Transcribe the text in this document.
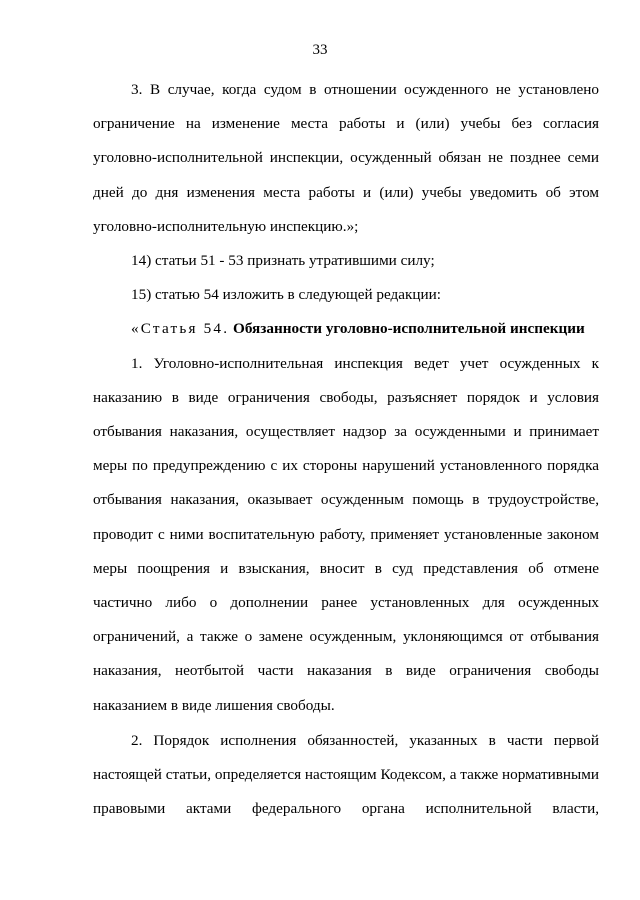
33

3. В случае, когда судом в отношении осужденного не установлено ограничение на изменение места работы и (или) учебы без согласия уголовно-исполнительной инспекции, осужденный обязан не позднее семи дней до дня изменения места работы и (или) учебы уведомить об этом уголовно-исполнительную инспекцию.»;

14) статьи 51 - 53 признать утратившими силу;

15) статью 54 изложить в следующей редакции:

«Статья 54. Обязанности уголовно-исполнительной инспекции

1. Уголовно-исполнительная инспекция ведет учет осужденных к наказанию в виде ограничения свободы, разъясняет порядок и условия отбывания наказания, осуществляет надзор за осужденными и принимает меры по предупреждению с их стороны нарушений установленного порядка отбывания наказания, оказывает осужденным помощь в трудоустройстве, проводит с ними воспитательную работу, применяет установленные законом меры поощрения и взыскания, вносит в суд представления об отмене частично либо о дополнении ранее установленных для осужденных ограничений, а также о замене осужденным, уклоняющимся от отбывания наказания, неотбытой части наказания в виде ограничения свободы наказанием в виде лишения свободы.

2. Порядок исполнения обязанностей, указанных в части первой настоящей статьи, определяется настоящим Кодексом, а также нормативными правовыми актами федерального органа исполнительной власти,
